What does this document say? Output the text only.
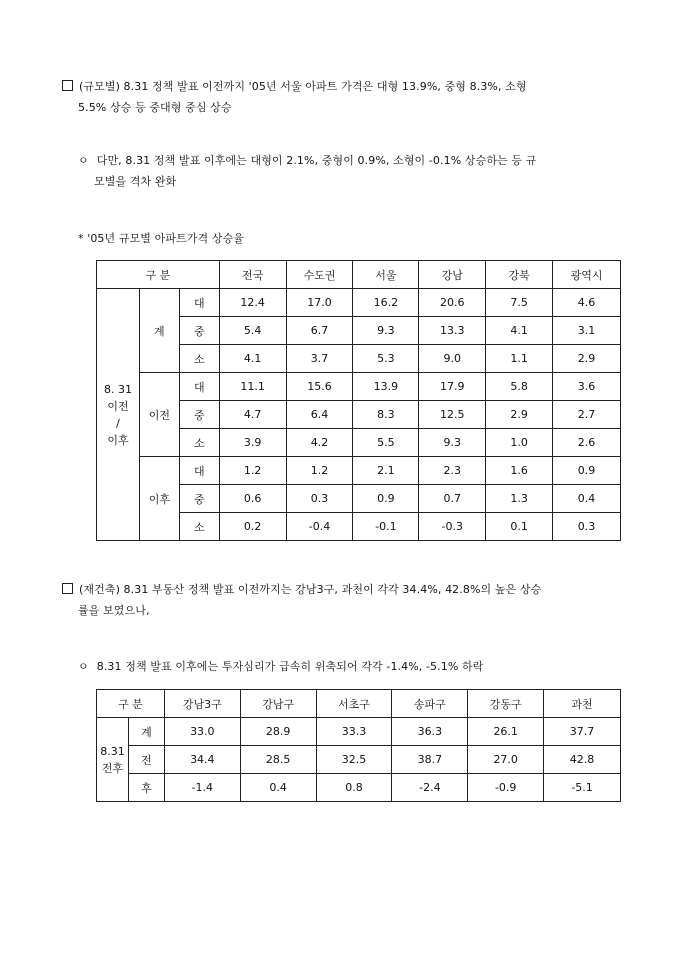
(규모별) 8.31 정책 발표 이전까지 '05년 서울 아파트 가격은 대형 13.9%, 중형 8.3%, 소형
5.5% 상승 등 중대형 중심 상승
ㅇ 다만, 8.31 정책 발표 이후에는 대형이 2.1%, 중형이 0.9%, 소형이 -0.1% 상승하는 등 규
모별을 격차 완화
* '05년 규모별 아파트가격 상승율
구 분			전국	수도권	서울	강남	강북	광역시

8. 31
이전
/
이후	계	대	12.4	17.0	16.2	20.6	7.5	4.6
		중	5.4	6.7	9.3	13.3	4.1	3.1
		소	4.1	3.7	5.3	9.0	1.1	2.9
	이전	대	11.1	15.6	13.9	17.9	5.8	3.6
		중	4.7	6.4	8.3	12.5	2.9	2.7
		소	3.9	4.2	5.5	9.3	1.0	2.6
	이후	대	1.2	1.2	2.1	2.3	1.6	0.9
		중	0.6	0.3	0.9	0.7	1.3	0.4
		소	0.2	-0.4	-0.1	-0.3	0.1	0.3
(재건축) 8.31 부동산 정책 발표 이전까지는 강남3구, 과천이 각각 34.4%, 42.8%의 높은 상승
률을 보였으나,
ㅇ 8.31 정책 발표 이후에는 투자심리가 급속히 위축되어 각각 -1.4%, -5.1% 하락
구 분		강남3구	강남구	서초구	송파구	강동구	과천

8.31
전후	계	33.0	28.9	33.3	36.3	26.1	37.7
	전	34.4	28.5	32.5	38.7	27.0	42.8
	후	-1.4	0.4	0.8	-2.4	-0.9	-5.1
